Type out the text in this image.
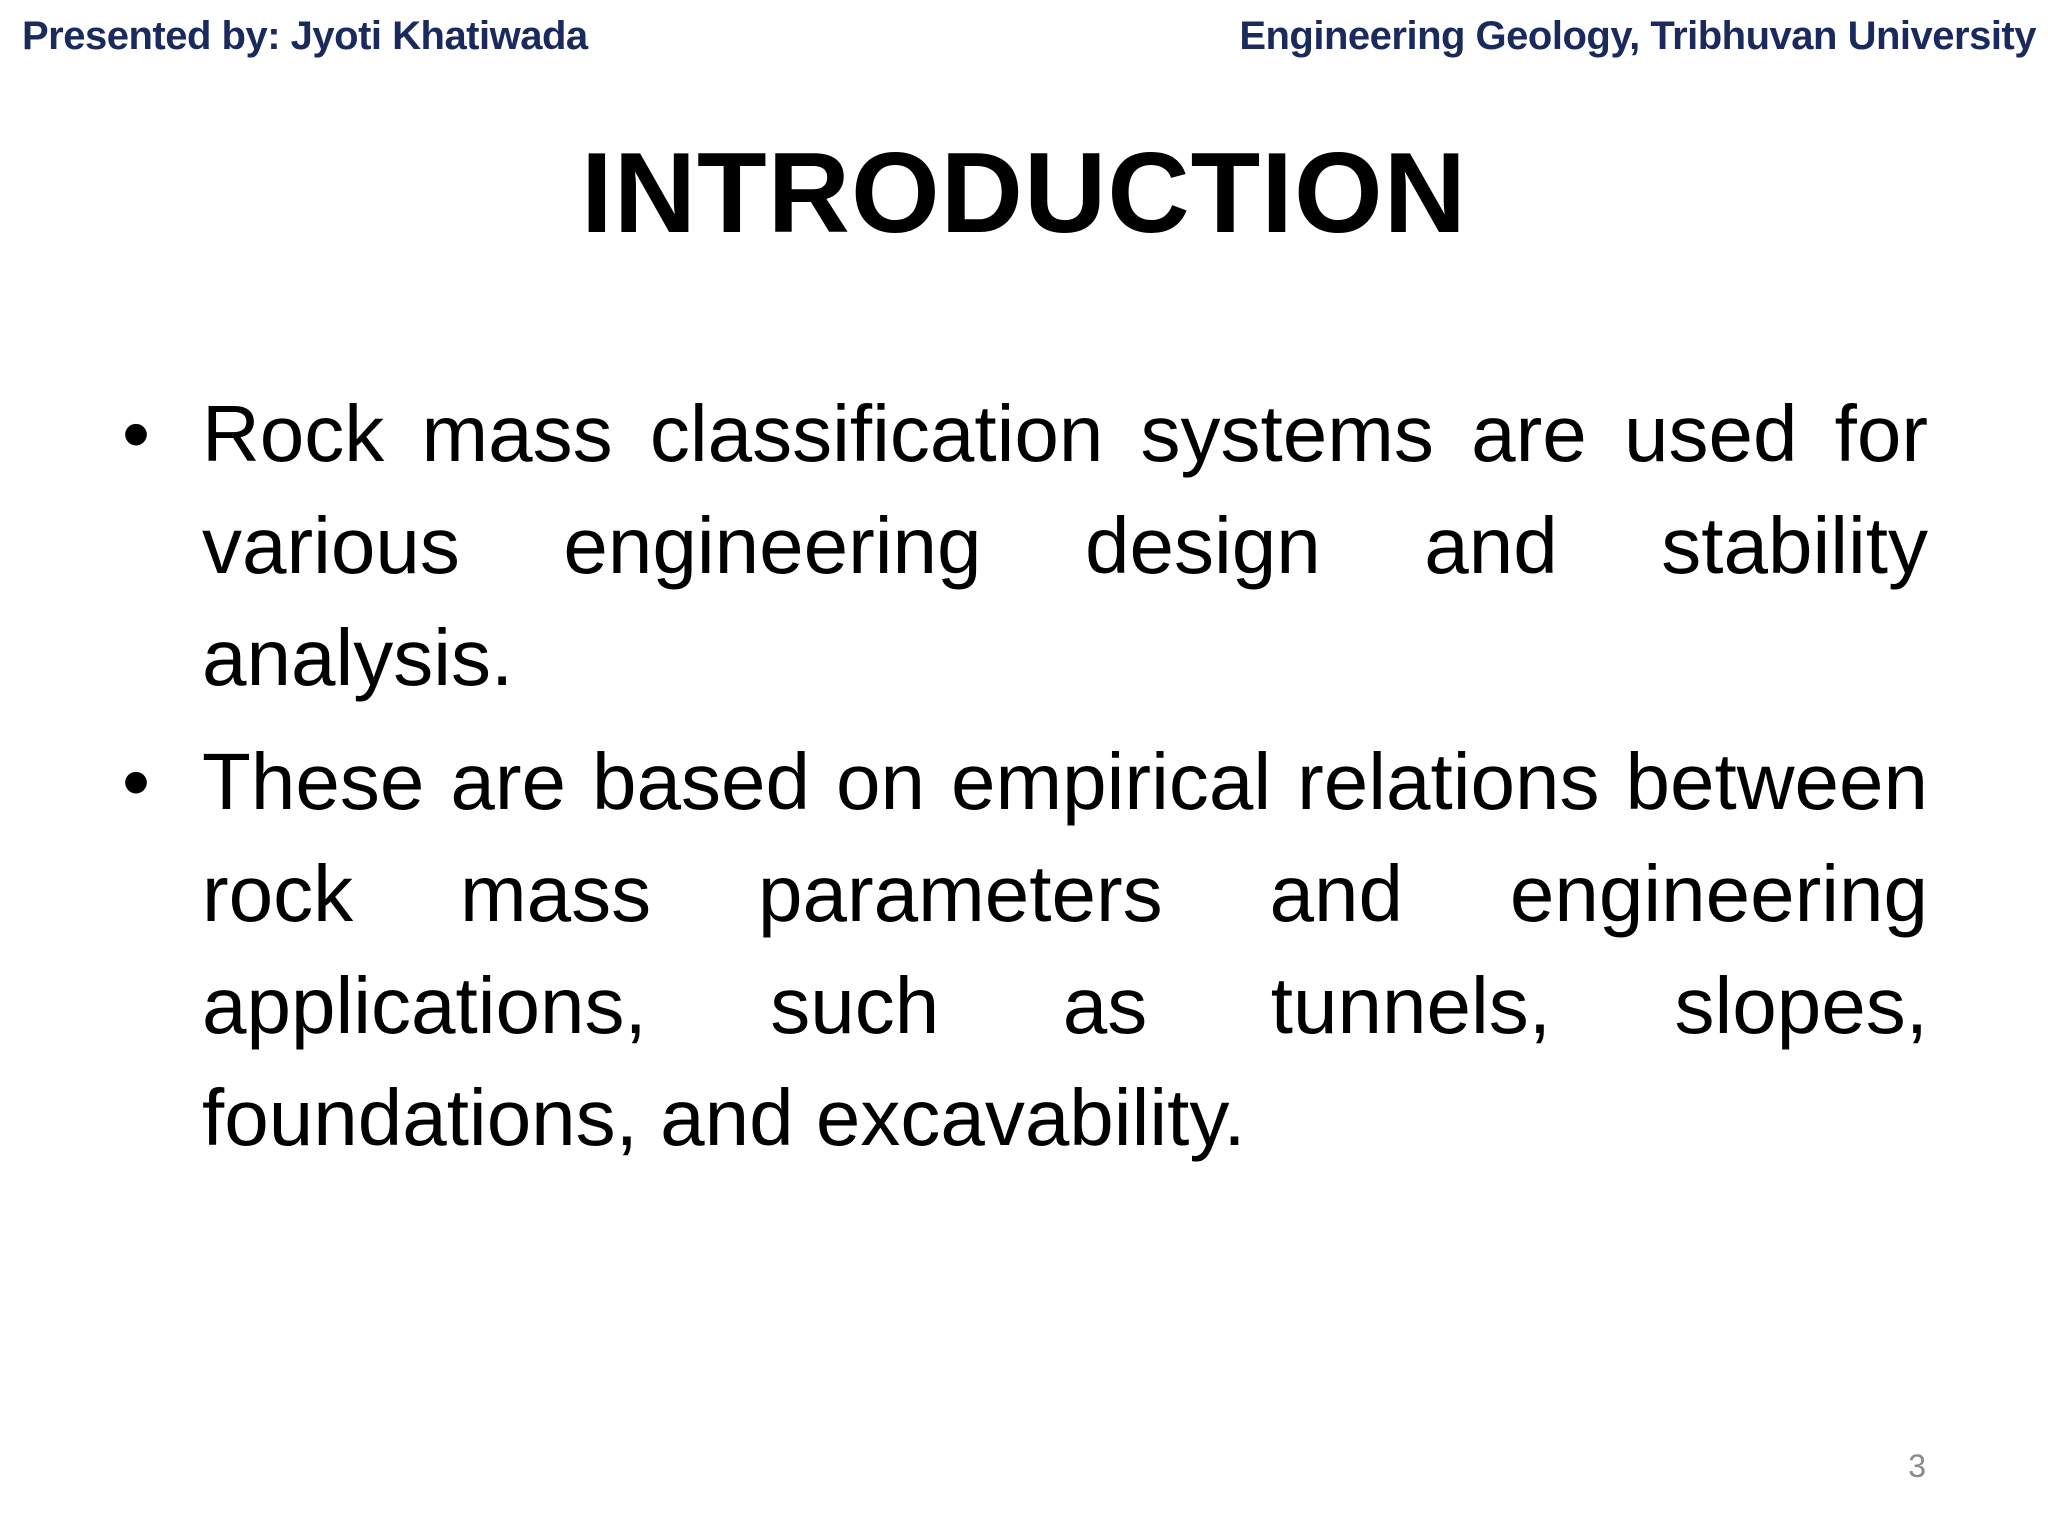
Presented by: Jyoti Khatiwada	Engineering Geology, Tribhuvan University
INTRODUCTION
• Rock mass classification systems are used for various engineering design and stability analysis.
• These are based on empirical relations between rock mass parameters and engineering applications, such as tunnels, slopes, foundations, and excavability.
3
